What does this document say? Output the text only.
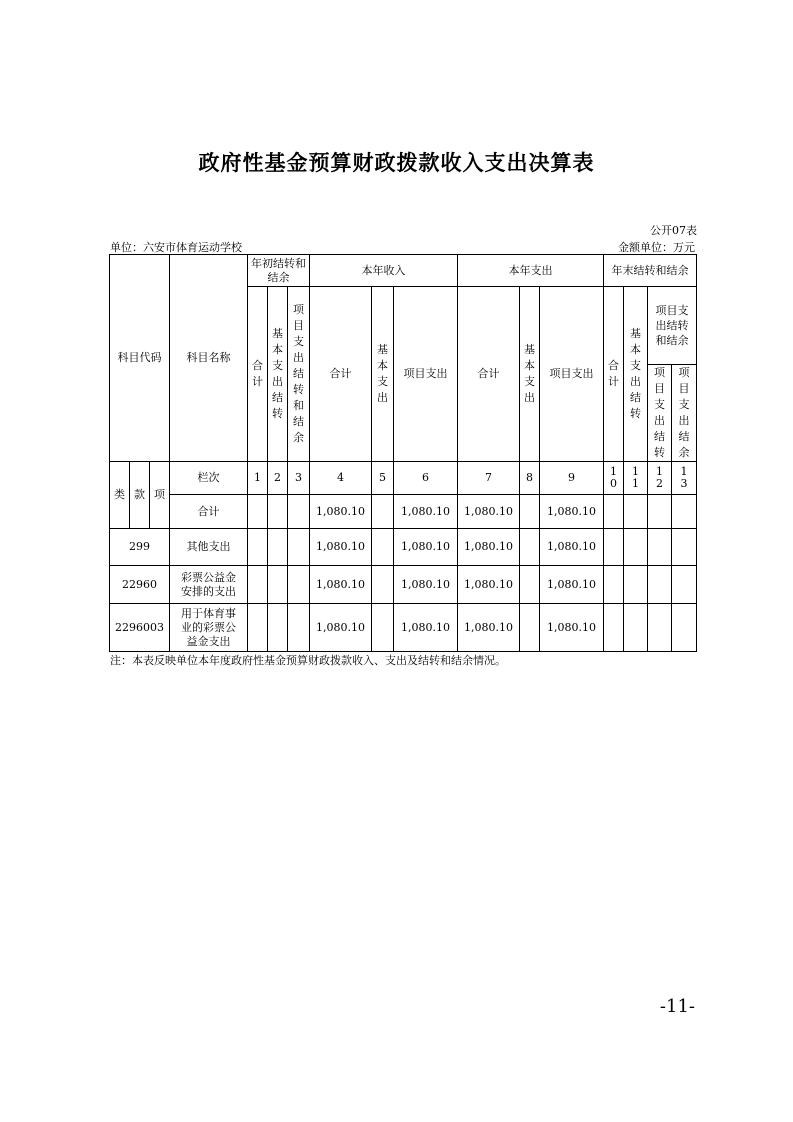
政府性基金预算财政拨款收入支出决算表
公开07表
单位：六安市体育运动学校	金额单位：万元
科目代码			科目名称	年初结转和结余			本年收入			本年支出			年末结转和结余			
				合计	基本支出结转	项目支出结转和结余	合计	基本支出	项目支出	合计	基本支出	项目支出	合计	基本支出结转	项目支出结转和结余	
															项目支出结转	项目支出结余
类	款	项	栏次	1	2	3	4	5	6	7	8	9	10	11	12	13
			合计				1,080.10		1,080.10	1,080.10		1,080.10				
299			其他支出				1,080.10		1,080.10	1,080.10		1,080.10				
22960			彩票公益金安排的支出				1,080.10		1,080.10	1,080.10		1,080.10				
2296003			用于体育事业的彩票公益金支出				1,080.10		1,080.10	1,080.10		1,080.10				
注：本表反映单位本年度政府性基金预算财政拨款收入、支出及结转和结余情况。
-11-
